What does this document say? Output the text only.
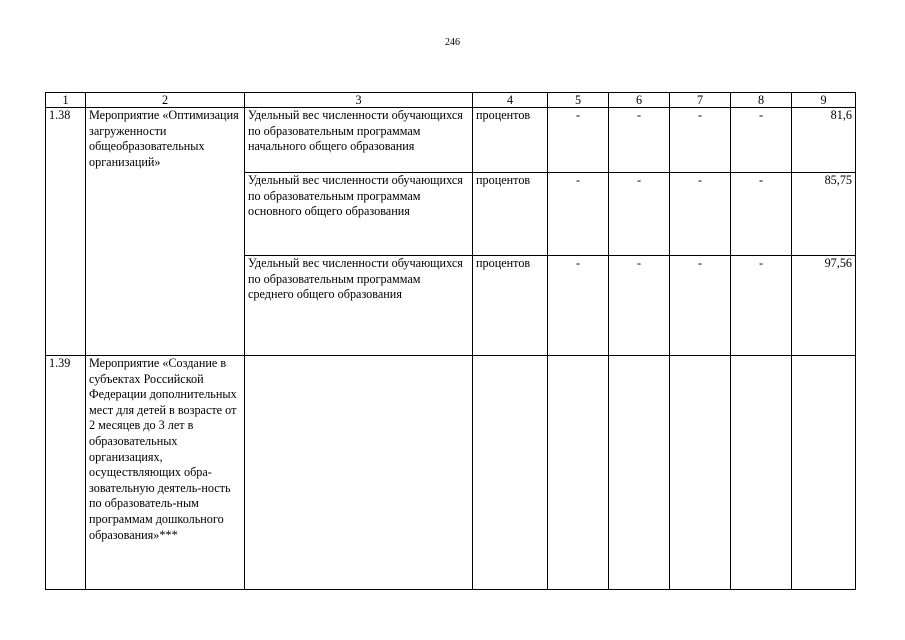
246
1	2	3	4	5	6	7	8	9
1.38	Мероприятие «Оптимизация загруженности общеобразовательных организаций»	Удельный вес численности обучающихся по образовательным программам начального общего образования	процентов	-	-	-	-	81,6
		Удельный вес численности обучающихся по образовательным программам основного общего образования	процентов	-	-	-	-	85,75
		Удельный вес численности обучающихся по образовательным программам среднего общего образования	процентов	-	-	-	-	97,56
1.39	Мероприятие «Создание в субъектах Российской Федерации дополнительных мест для детей в возрасте от 2 месяцев до 3 лет в образовательных организациях, осуществляющих обра-зовательную деятель-ность по образователь-ным программам дошкольного образования»***							
